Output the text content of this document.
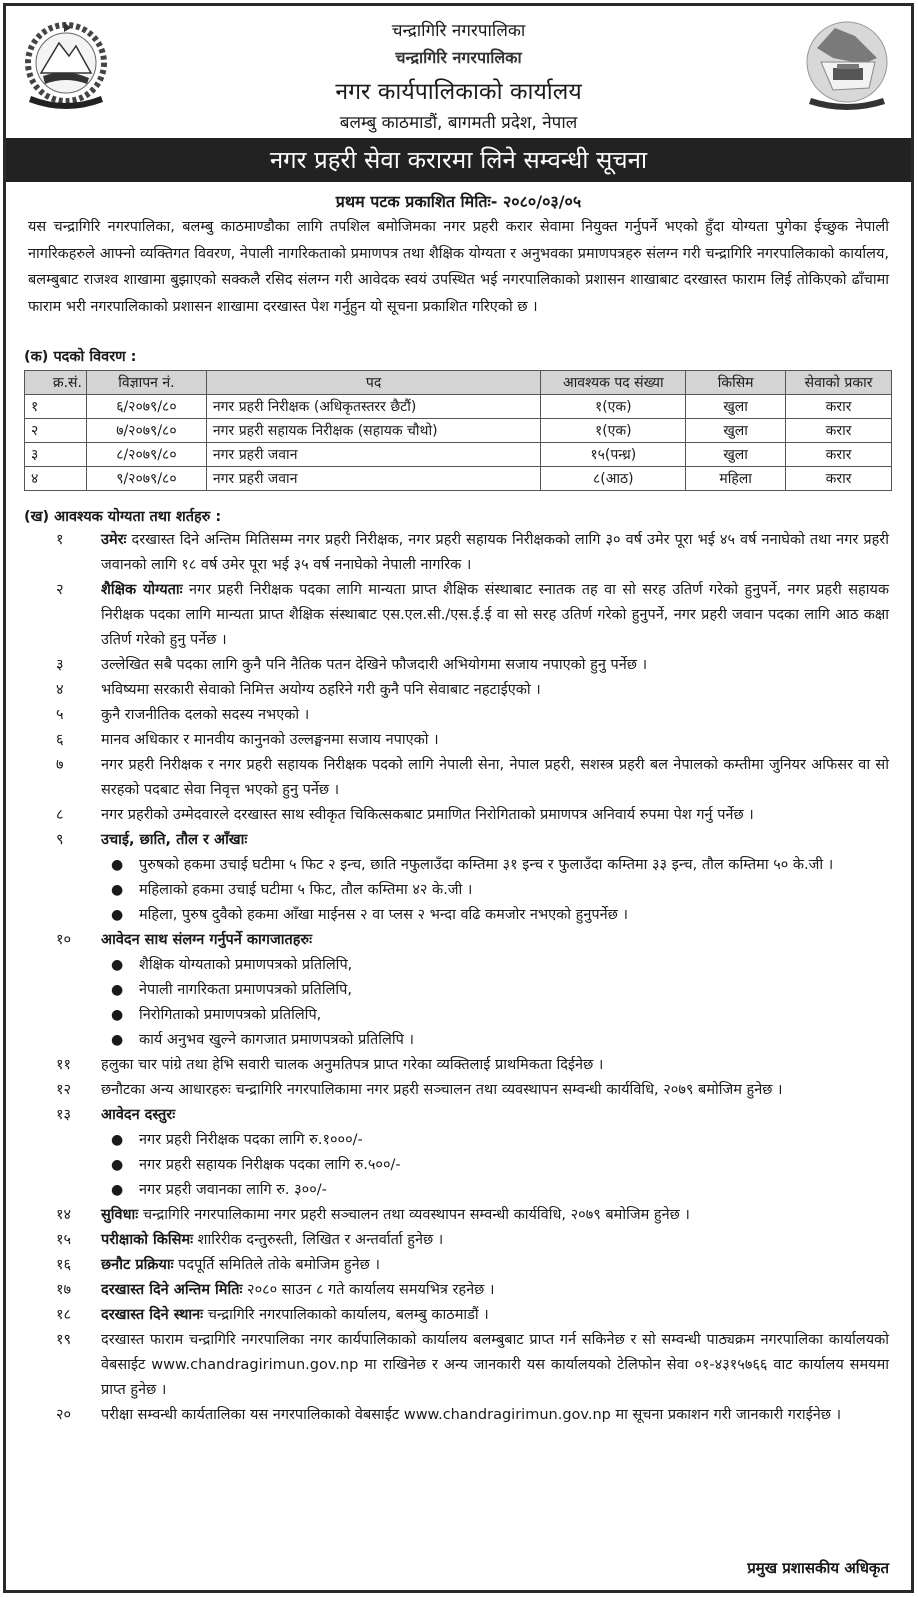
चन्द्रागिरि नगरपालिका
चन्द्रागिरि नगरपालिका
नगर कार्यपालिकाको कार्यालय
बलम्बु काठमाडौं, बागमती प्रदेश, नेपाल
नगर प्रहरी सेवा करारमा लिने सम्वन्धी सूचना
प्रथम पटक प्रकाशित मितिः- २०८०/०३/०५

यस चन्द्रागिरि नगरपालिका, बलम्बु काठमाण्डौका लागि तपशिल बमोजिमका नगर प्रहरी करार सेवामा नियुक्त गर्नुपर्ने भएको हुँदा योग्यता पुगेका ईच्छुक नेपाली नागरिकहरुले आफ्नो व्यक्तिगत विवरण, नेपाली नागरिकताको प्रमाणपत्र तथा शैक्षिक योग्यता र अनुभवका प्रमाणपत्रहरु संलग्न गरी चन्द्रागिरि नगरपालिकाको कार्यालय, बलम्बुबाट राजश्व शाखामा बुझाएको सक्कलै रसिद संलग्न गरी आवेदक स्वयं उपस्थित भई नगरपालिकाको प्रशासन शाखाबाट दरखास्त फाराम लिई तोकिएको ढाँचामा फाराम भरी नगरपालिकाको प्रशासन शाखामा दरखास्त पेश गर्नुहुन यो सूचना प्रकाशित गरिएको छ ।

(क) पदको विवरण :
क्र.सं.	विज्ञापन नं.	पद	आवश्यक पद संख्या	किसिम	सेवाको प्रकार
१	६/२०७९/८०	नगर प्रहरी निरीक्षक (अधिकृतस्तरर छैटौं)	१(एक)	खुला	करार
२	७/२०७९/८०	नगर प्रहरी सहायक निरीक्षक (सहायक चौथो)	१(एक)	खुला	करार
३	८/२०७९/८०	नगर प्रहरी जवान	१५(पन्ध्र)	खुला	करार
४	९/२०७९/८०	नगर प्रहरी जवान	८(आठ)	महिला	करार
(ख) आवश्यक योग्यता तथा शर्तहरु :
१	उमेरः दरखास्त दिने अन्तिम मितिसम्म नगर प्रहरी निरीक्षक, नगर प्रहरी सहायक निरीक्षकको लागि ३० वर्ष उमेर पूरा भई ४५ वर्ष ननाघेको तथा नगर प्रहरी जवानको लागि १८ वर्ष उमेर पूरा भई ३५ वर्ष ननाघेको नेपाली नागरिक ।
२	शैक्षिक योग्यताः नगर प्रहरी निरीक्षक पदका लागि मान्यता प्राप्त शैक्षिक संस्थाबाट स्नातक तह वा सो सरह उतिर्ण गरेको हुनुपर्ने, नगर प्रहरी सहायक निरीक्षक पदका लागि मान्यता प्राप्त शैक्षिक संस्थाबाट एस.एल.सी./एस.ई.ई वा सो सरह उतिर्ण गरेको हुनुपर्ने, नगर प्रहरी जवान पदका लागि आठ कक्षा उतिर्ण गरेको हुनु पर्नेछ ।
३	उल्लेखित सबै पदका लागि कुनै पनि नैतिक पतन देखिने फौजदारी अभियोगमा सजाय नपाएको हुनु पर्नेछ ।
४	भविष्यमा सरकारी सेवाको निमित्त अयोग्य ठहरिने गरी कुनै पनि सेवाबाट नहटाईएको ।
५	कुनै राजनीतिक दलको सदस्य नभएको ।
६	मानव अधिकार र मानवीय कानुनको उल्लङ्घनमा सजाय नपाएको ।
७	नगर प्रहरी निरीक्षक र नगर प्रहरी सहायक निरीक्षक पदको लागि नेपाली सेना, नेपाल प्रहरी, सशस्त्र प्रहरी बल नेपालको कम्तीमा जुनियर अफिसर वा सो सरहको पदबाट सेवा निवृत्त भएको हुनु पर्नेछ ।
८	नगर प्रहरीको उम्मेदवारले दरखास्त साथ स्वीकृत चिकित्सकबाट प्रमाणित निरोगिताको प्रमाणपत्र अनिवार्य रुपमा पेश गर्नु पर्नेछ ।
९	उचाई, छाति, तौल र आँखाः
●	पुरुषको हकमा उचाई घटीमा ५ फिट २ इन्च, छाति नफुलाउँदा कम्तिमा ३१ इन्च र फुलाउँदा कम्तिमा ३३ इन्च, तौल कम्तिमा ५० के.जी ।
●	महिलाको हकमा उचाई घटीमा ५ फिट, तौल कम्तिमा ४२ के.जी ।
●	महिला, पुरुष दुवैको हकमा आँखा माईनस २ वा प्लस २ भन्दा वढि कमजोर नभएको हुनुपर्नेछ ।
१०	आवेदन साथ संलग्न गर्नुपर्ने कागजातहरुः
●	शैक्षिक योग्यताको प्रमाणपत्रको प्रतिलिपि,
●	नेपाली नागरिकता प्रमाणपत्रको प्रतिलिपि,
●	निरोगिताको प्रमाणपत्रको प्रतिलिपि,
●	कार्य अनुभव खुल्ने कागजात प्रमाणपत्रको प्रतिलिपि ।
११	हलुका चार पांग्रे तथा हेभि सवारी चालक अनुमतिपत्र प्राप्त गरेका व्यक्तिलाई प्राथमिकता दिईनेछ ।
१२	छनौटका अन्य आधारहरुः चन्द्रागिरि नगरपालिकामा नगर प्रहरी सञ्चालन तथा व्यवस्थापन सम्वन्धी कार्यविधि, २०७९ बमोजिम हुनेछ ।
१३	आवेदन दस्तुरः
●	नगर प्रहरी निरीक्षक पदका लागि रु.१०००/-
●	नगर प्रहरी सहायक निरीक्षक पदका लागि रु.५००/-
●	नगर प्रहरी जवानका लागि रु. ३००/-
१४	सुविधाः चन्द्रागिरि नगरपालिकामा नगर प्रहरी सञ्चालन तथा व्यवस्थापन सम्वन्धी कार्यविधि, २०७९ बमोजिम हुनेछ ।
१५	परीक्षाको किसिमः शारिरीक दन्तुरुस्ती, लिखित र अन्तर्वार्ता हुनेछ ।
१६	छनौट प्रक्रियाः पदपूर्ति समितिले तोके बमोजिम हुनेछ ।
१७	दरखास्त दिने अन्तिम मितिः २०८० साउन ८ गते कार्यालय समयभित्र रहनेछ ।
१८	दरखास्त दिने स्थानः चन्द्रागिरि नगरपालिकाको कार्यालय, बलम्बु काठमाडौं ।
१९	दरखास्त फाराम चन्द्रागिरि नगरपालिका नगर कार्यपालिकाको कार्यालय बलम्बुबाट प्राप्त गर्न सकिनेछ र सो सम्वन्धी पाठ्यक्रम नगरपालिका कार्यालयको वेबसाईट www.chandragirimun.gov.np मा राखिनेछ र अन्य जानकारी यस कार्यालयको टेलिफोन सेवा ०१-४३१५७६६ वाट कार्यालय समयमा प्राप्त हुनेछ ।
२०	परीक्षा सम्वन्धी कार्यतालिका यस नगरपालिकाको वेबसाईट www.chandragirimun.gov.np मा सूचना प्रकाशन गरी जानकारी गराईनेछ ।
प्रमुख प्रशासकीय अधिकृत
